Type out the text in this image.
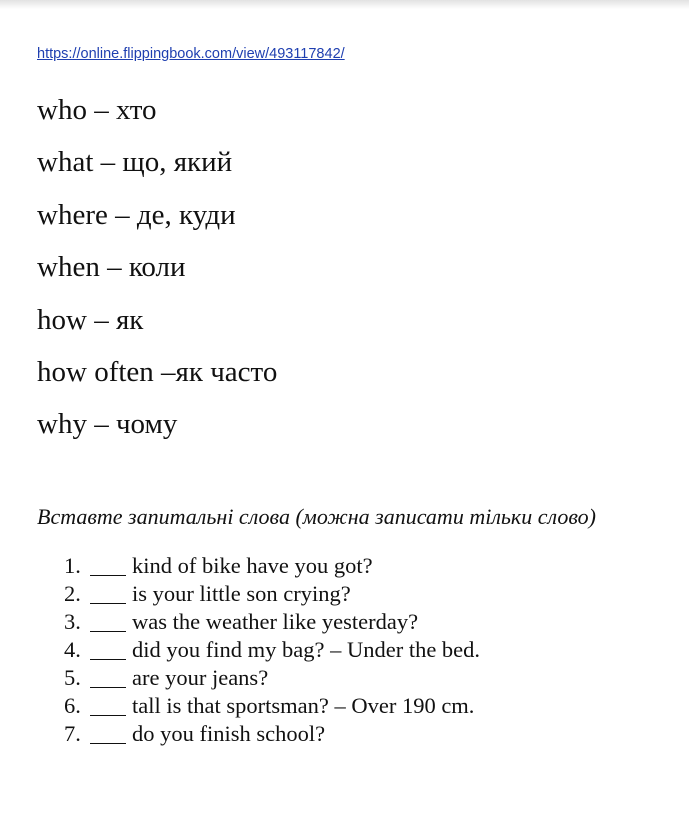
https://online.flippingbook.com/view/493117842/
who – хто
what – що, який
where – де, куди
when – коли
how – як
how often –як часто
why – чому
Вставте запитальні слова (можна записати тільки слово)
1.	kind of bike have you got?
2.	is your little son crying?
3.	was the weather like yesterday?
4.	did you find my bag? – Under the bed.
5.	are your jeans?
6.	tall is that sportsman? – Over 190 cm.
7.	do you finish school?
